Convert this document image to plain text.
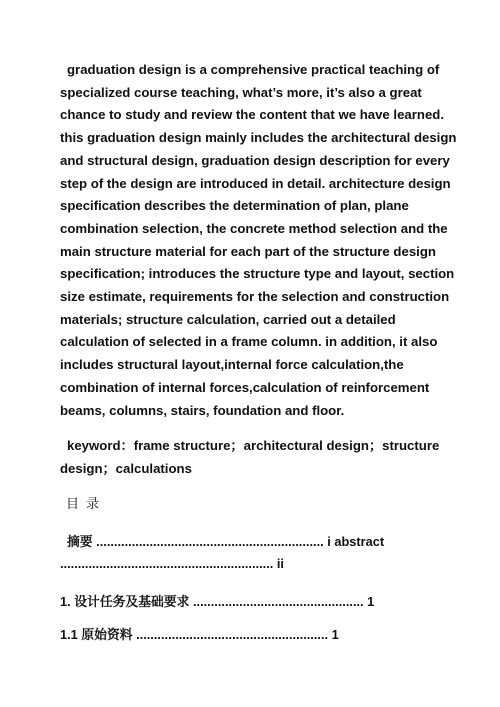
graduation design is a comprehensive practical teaching of
specialized course teaching, what’s more, it’s also a great
chance to study and review the content that we have learned.
this graduation design mainly includes the architectural design
and structural design, graduation design description for every
step of the design are introduced in detail. architecture design
specification describes the determination of plan, plane
combination selection, the concrete method selection and the
main structure material for each part of the structure design
specification; introduces the structure type and layout, section
size estimate, requirements for the selection and construction
materials; structure calculation, carried out a detailed
calculation of selected in a frame column. in addition, it also
includes structural layout,internal force calculation,the
combination of internal forces,calculation of reinforcement
beams, columns, stairs, foundation and floor.
keyword：frame structure；architectural design；structure
design；calculations
目录
摘要 ................................................................ i abstract
............................................................ ii
1. 设计任务及基础要求 ................................................ 1
1.1 原始资料 ...................................................... 1
